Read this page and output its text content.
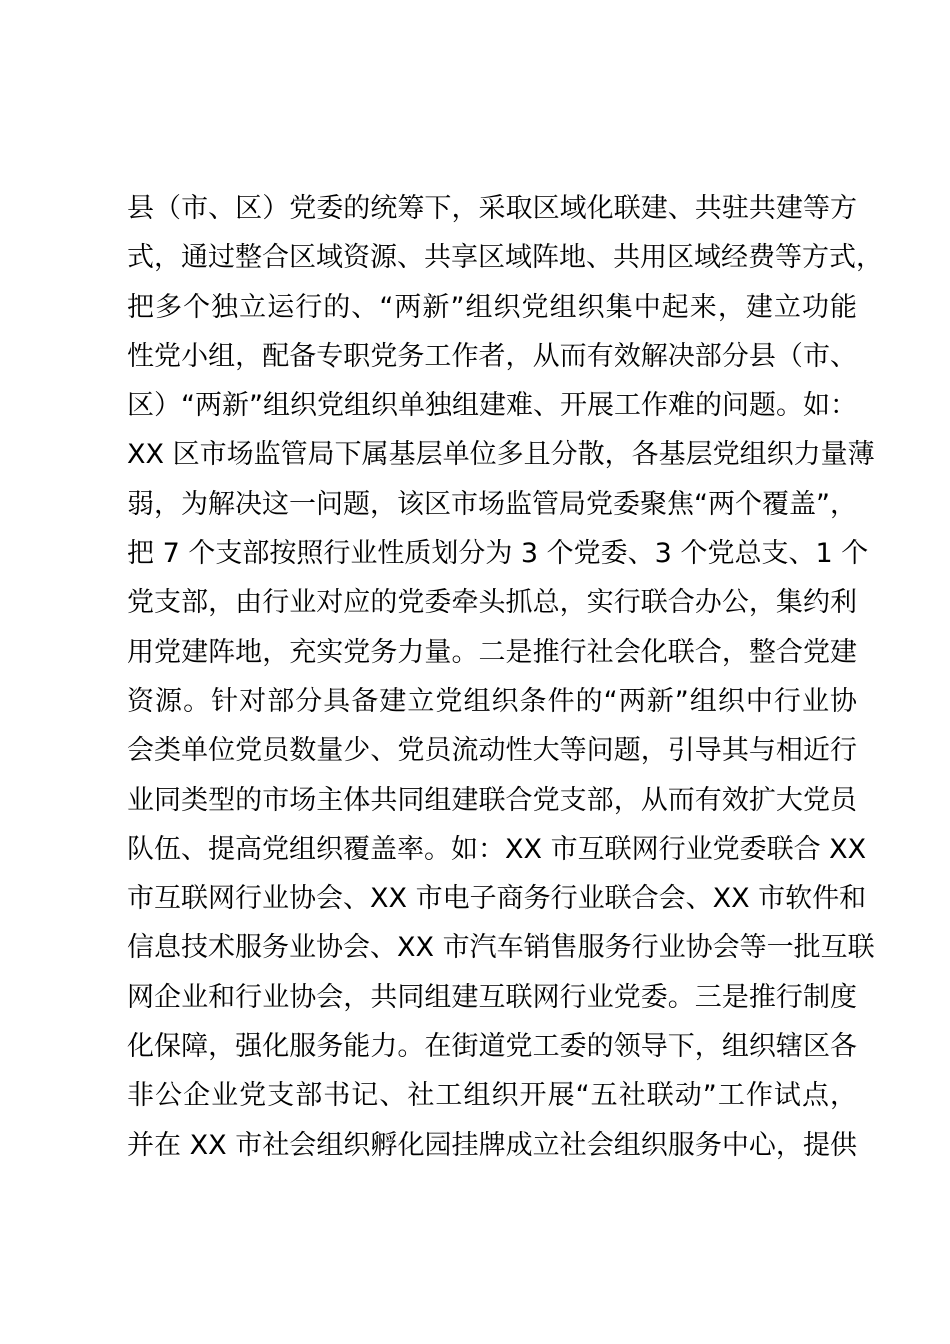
县（市、区）党委的统筹下，采取区域化联建、共驻共建等方
式，通过整合区域资源、共享区域阵地、共用区域经费等方式，
把多个独立运行的、“两新”组织党组织集中起来，建立功能
性党小组，配备专职党务工作者，从而有效解决部分县（市、
区）“两新”组织党组织单独组建难、开展工作难的问题。如：
XX 区市场监管局下属基层单位多且分散，各基层党组织力量薄
弱，为解决这一问题，该区市场监管局党委聚焦“两个覆盖”，
把 7 个支部按照行业性质划分为 3 个党委、3 个党总支、1 个
党支部，由行业对应的党委牵头抓总，实行联合办公，集约利
用党建阵地，充实党务力量。二是推行社会化联合，整合党建
资源。针对部分具备建立党组织条件的“两新”组织中行业协
会类单位党员数量少、党员流动性大等问题，引导其与相近行
业同类型的市场主体共同组建联合党支部，从而有效扩大党员
队伍、提高党组织覆盖率。如：XX 市互联网行业党委联合 XX
市互联网行业协会、XX 市电子商务行业联合会、XX 市软件和
信息技术服务业协会、XX 市汽车销售服务行业协会等一批互联
网企业和行业协会，共同组建互联网行业党委。三是推行制度
化保障，强化服务能力。在街道党工委的领导下，组织辖区各
非公企业党支部书记、社工组织开展“五社联动”工作试点，
并在 XX 市社会组织孵化园挂牌成立社会组织服务中心，提供
